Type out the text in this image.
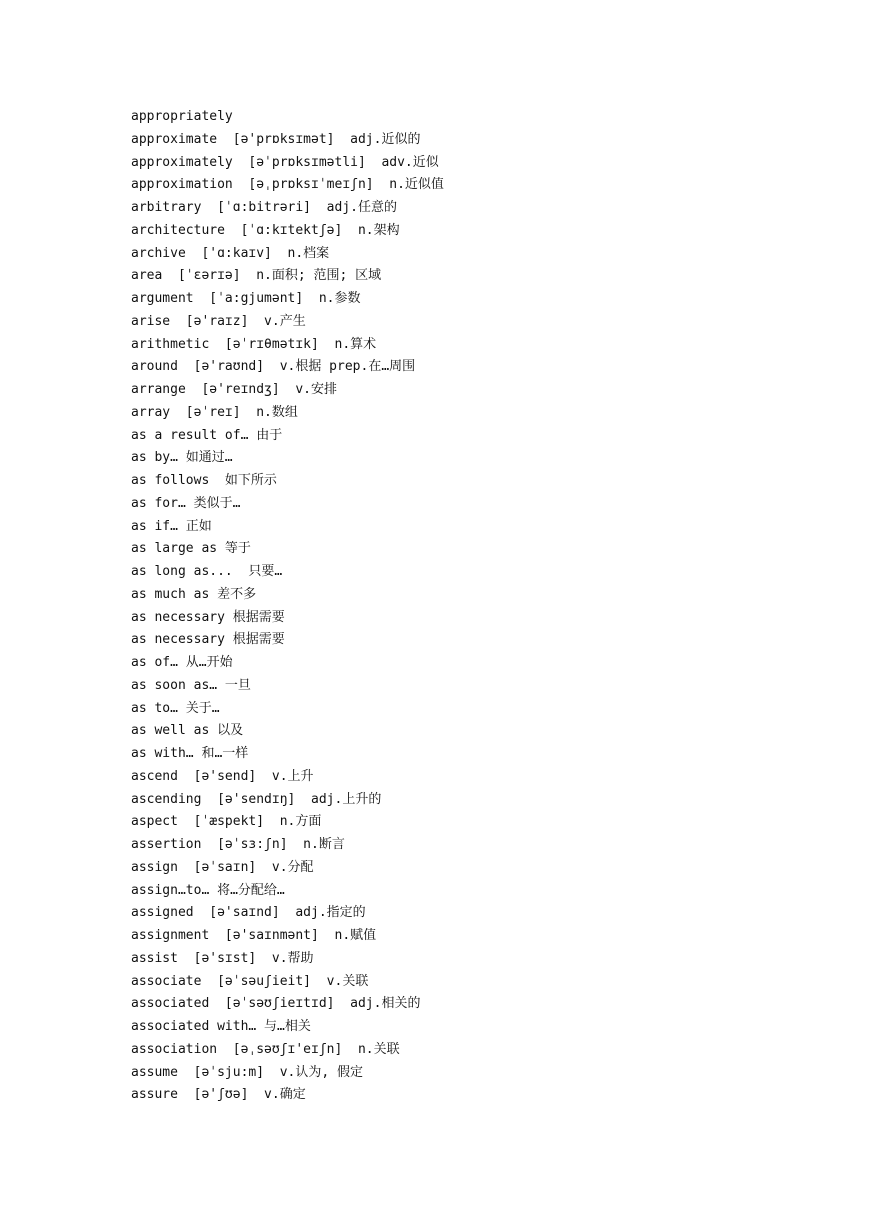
appropriately
approximate  [ə'prɒksɪmət]  adj.近似的
approximately  [əˈprɒksɪmətli]  adv.近似
approximation  [əˌprɒksɪˈmeɪʃn]  n.近似值
arbitrary  [ˈɑ:bitrəri]  adj.任意的
architecture  [ˈɑ:kɪtektʃə]  n.架构
archive  ['ɑ:kaɪv]  n.档案
area  [ˈɛərɪə]  n.面积; 范围; 区域
argument  [ˈa:gjumənt]  n.参数
arise  [ə'raɪz]  v.产生
arithmetic  [əˈrɪθmətɪk]  n.算术
around  [ə'raʊnd]  v.根据 prep.在…周围
arrange  [ə'reɪndʒ]  v.安排
array  [əˈreɪ]  n.数组
as a result of… 由于
as by… 如通过…
as follows  如下所示
as for… 类似于…
as if… 正如
as large as 等于
as long as...  只要…
as much as 差不多
as necessary 根据需要
as necessary 根据需要
as of… 从…开始
as soon as… 一旦
as to… 关于…
as well as 以及
as with… 和…一样
ascend  [ə'send]  v.上升
ascending  [ə'sendɪŋ]  adj.上升的
aspect  [ˈæspekt]  n.方面
assertion  [əˈsɜ:ʃn]  n.断言
assign  [əˈsaɪn]  v.分配
assign…to… 将…分配给…
assigned  [ə'saɪnd]  adj.指定的
assignment  [ə'saɪnmənt]  n.赋值
assist  [ə'sɪst]  v.帮助
associate  [əˈsəuʃieit]  v.关联
associated  [əˈsəʊʃieɪtɪd]  adj.相关的
associated with… 与…相关
association  [əˌsəʊʃɪ'eɪʃn]  n.关联
assume  [əˈsju:m]  v.认为, 假定
assure  [ə'ʃʊə]  v.确定
